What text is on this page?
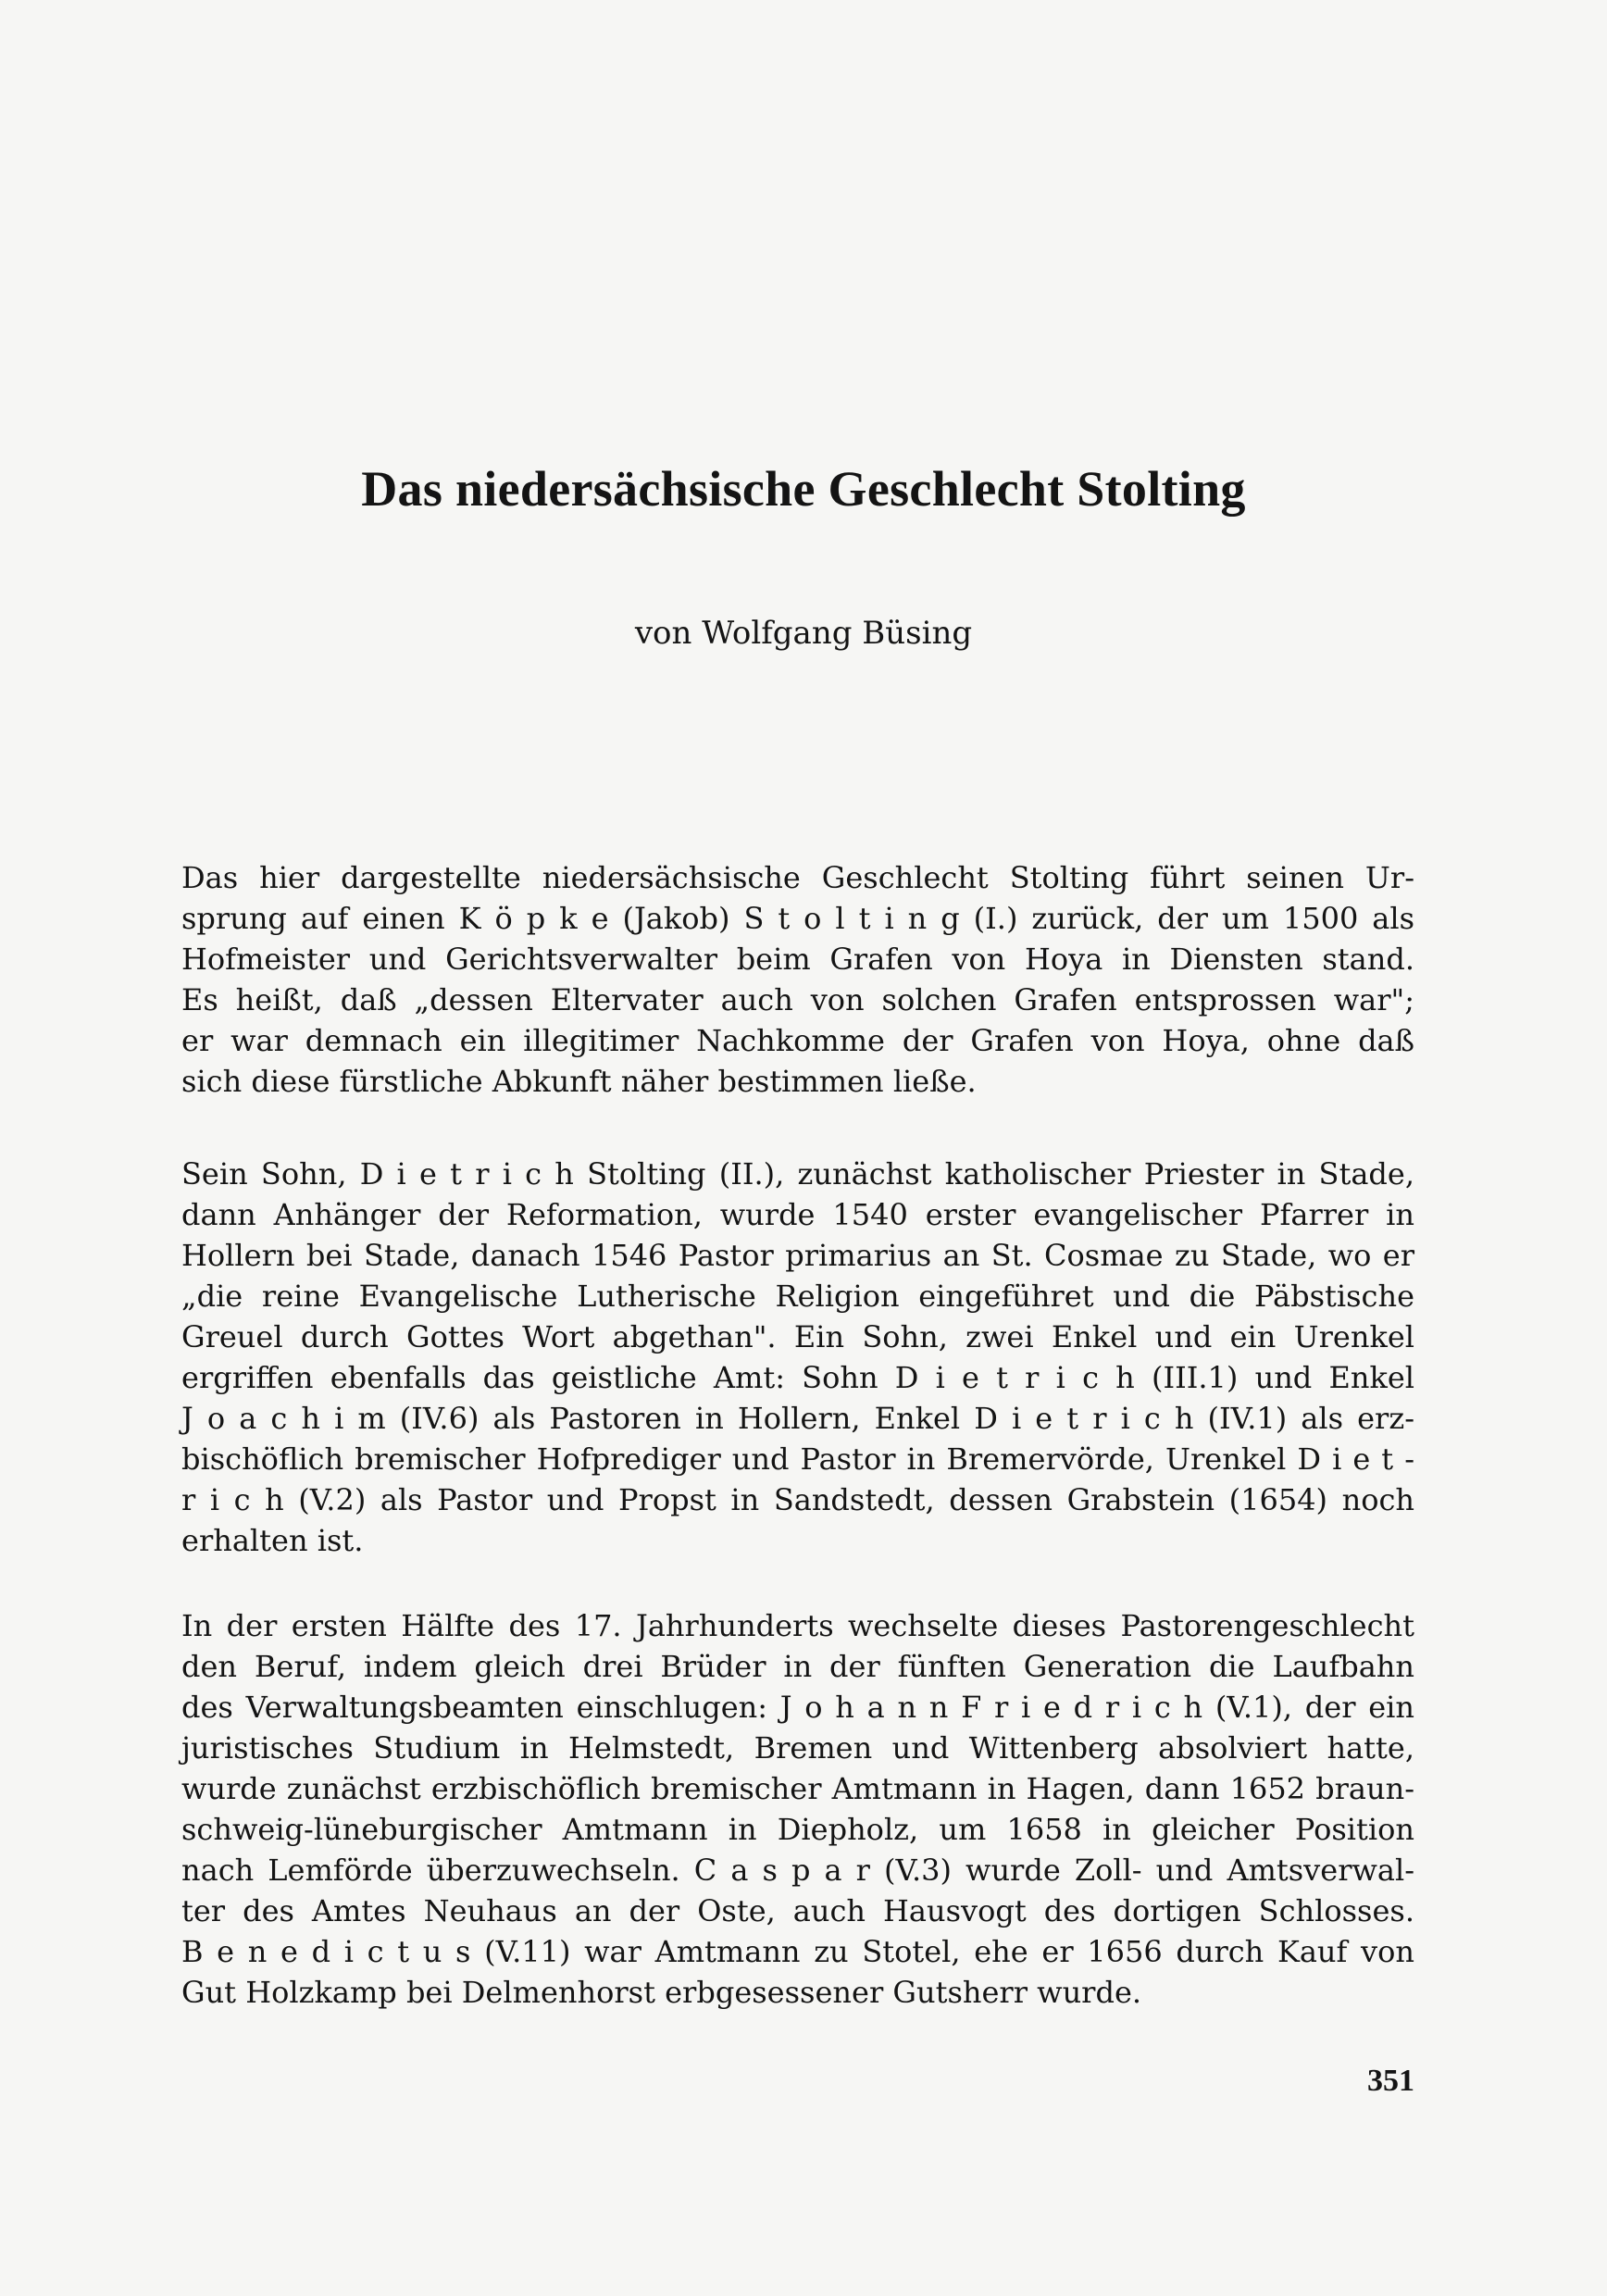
Das niedersächsische Geschlecht Stolting

von Wolfgang Büsing

Das hier dargestellte niedersächsische Geschlecht Stolting führt seinen Ur-
sprung auf einen K ö p k e (Jakob) S t o l t i n g (I.) zurück, der um 1500 als
Hofmeister und Gerichtsverwalter beim Grafen von Hoya in Diensten stand.
Es heißt, daß „dessen Eltervater auch von solchen Grafen entsprossen war";
er war demnach ein illegitimer Nachkomme der Grafen von Hoya, ohne daß
sich diese fürstliche Abkunft näher bestimmen ließe.
Sein Sohn, D i e t r i c h Stolting (II.), zunächst katholischer Priester in Stade,
dann Anhänger der Reformation, wurde 1540 erster evangelischer Pfarrer in
Hollern bei Stade, danach 1546 Pastor primarius an St. Cosmae zu Stade, wo er
„die reine Evangelische Lutherische Religion eingeführet und die Päbstische
Greuel durch Gottes Wort abgethan". Ein Sohn, zwei Enkel und ein Urenkel
ergriffen ebenfalls das geistliche Amt: Sohn D i e t r i c h (III.1) und Enkel
J o a c h i m (IV.6) als Pastoren in Hollern, Enkel D i e t r i c h (IV.1) als erz-
bischöflich bremischer Hofprediger und Pastor in Bremervörde, Urenkel D i e t -
r i c h (V.2) als Pastor und Propst in Sandstedt, dessen Grabstein (1654) noch
erhalten ist.
In der ersten Hälfte des 17. Jahrhunderts wechselte dieses Pastorengeschlecht
den Beruf, indem gleich drei Brüder in der fünften Generation die Laufbahn
des Verwaltungsbeamten einschlugen: J o h a n n F r i e d r i c h (V.1), der ein
juristisches Studium in Helmstedt, Bremen und Wittenberg absolviert hatte,
wurde zunächst erzbischöflich bremischer Amtmann in Hagen, dann 1652 braun-
schweig-lüneburgischer Amtmann in Diepholz, um 1658 in gleicher Position
nach Lemförde überzuwechseln. C a s p a r (V.3) wurde Zoll- und Amtsverwal-
ter des Amtes Neuhaus an der Oste, auch Hausvogt des dortigen Schlosses.
B e n e d i c t u s (V.11) war Amtmann zu Stotel, ehe er 1656 durch Kauf von
Gut Holzkamp bei Delmenhorst erbgesessener Gutsherr wurde.
351
